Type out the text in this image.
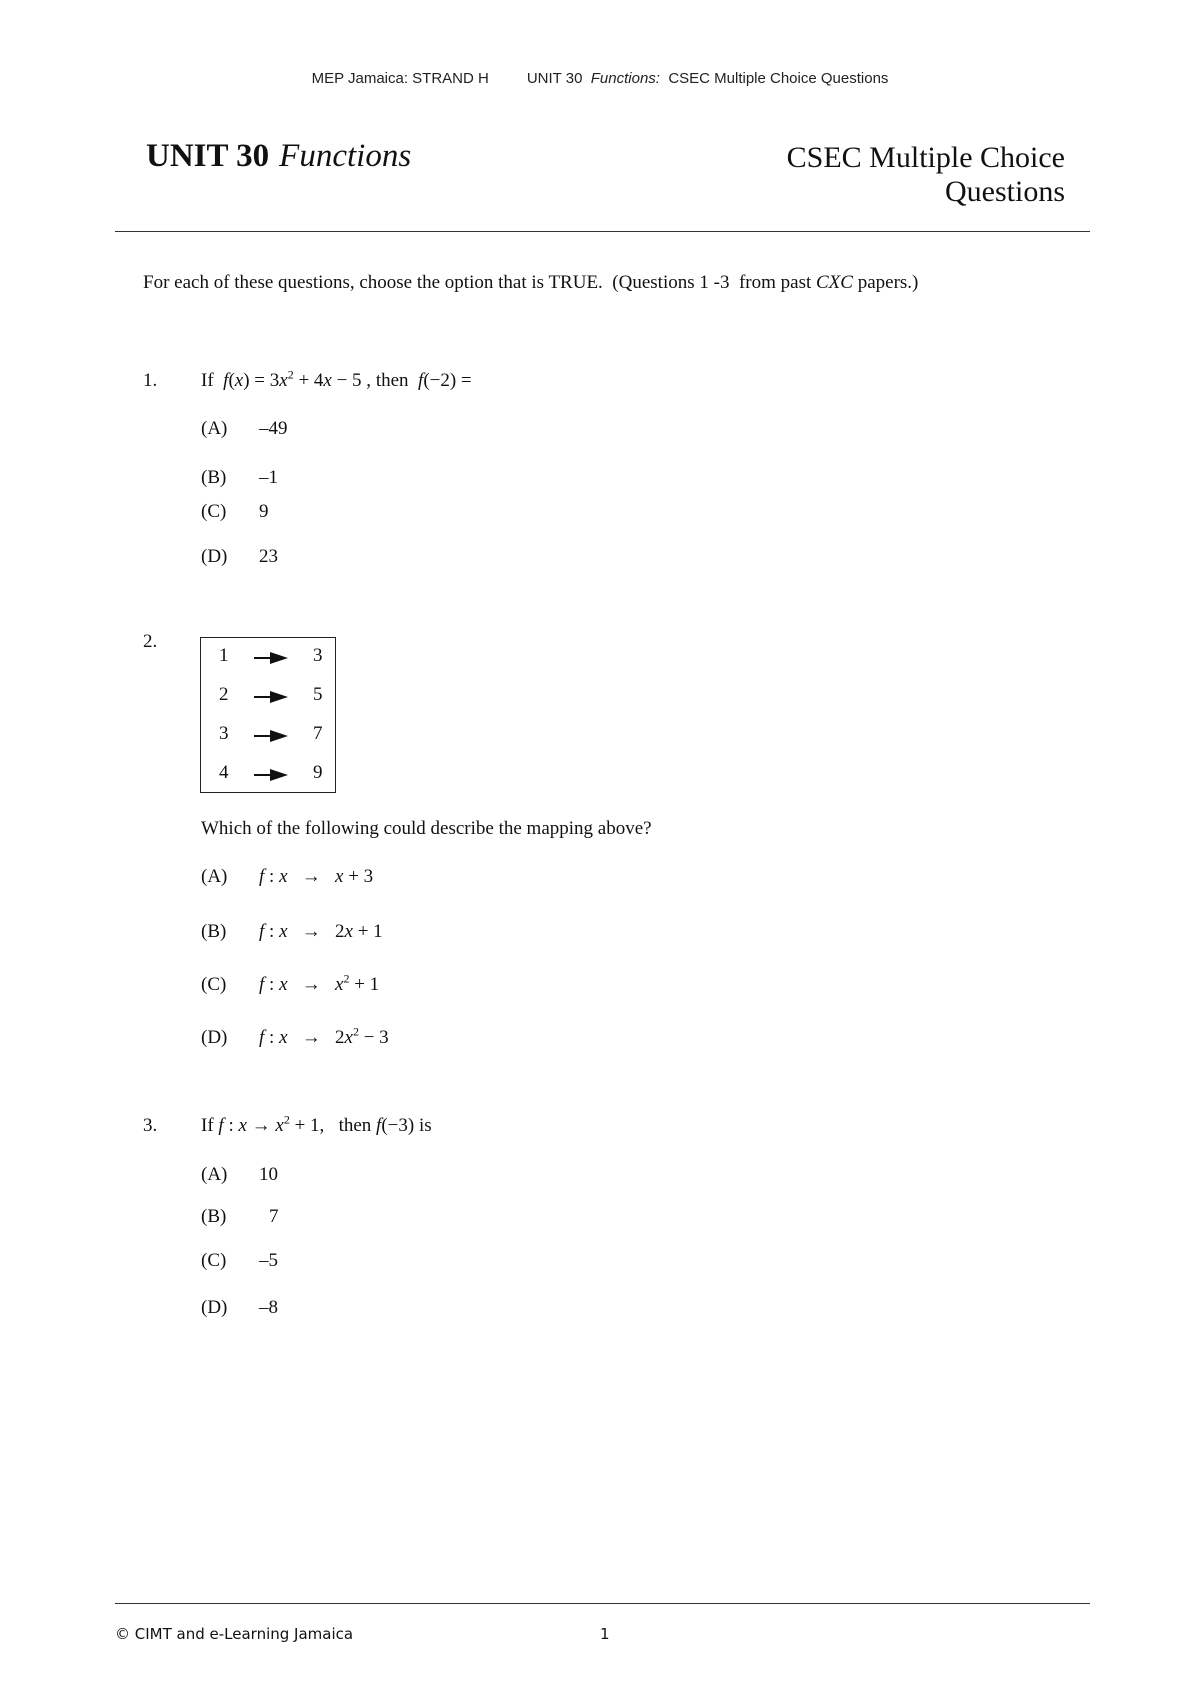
MEP Jamaica: STRAND H	UNIT 30 Functions: CSEC Multiple Choice Questions
UNIT 30 Functions	CSEC Multiple Choice
Questions
For each of these questions, choose the option that is TRUE.  (Questions 1 -3  from past CXC papers.)
1. If $f(x) = 3x^2 + 4x - 5$ , then f(−2) =
(A) –49
(B) –1
(C) 9
(D) 23
2.
1	3
2	5
3	7
4	9
Which of the following could describe the mapping above?
(A) f : x   →   x + 3
(B) f : x   →   2x + 1
(C) f : $x \to x^2 + 1$
(D) f : $x \to 2x^2 - 3$
3. If f : $x \to x^2 + 1$,   then f(−3) is
(A) 10
(B) 7
(C) –5
(D) –8
© CIMT and e-Learning Jamaica	1
